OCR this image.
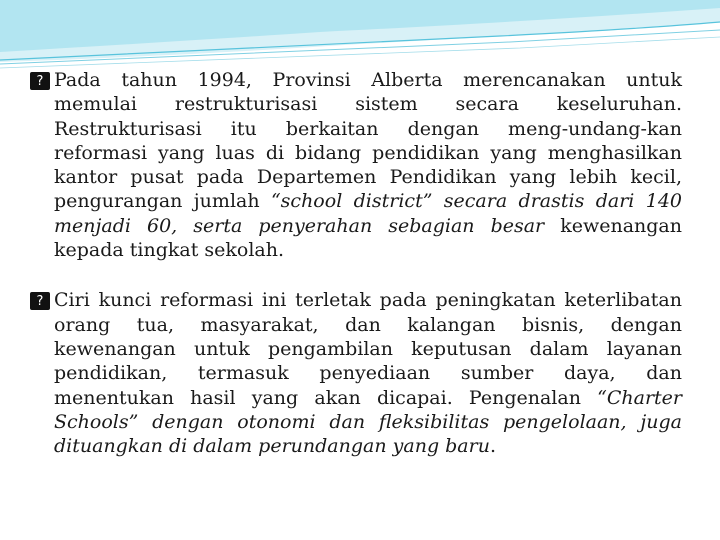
? Pada tahun 1994, Provinsi Alberta merencanakan untuk memulai restrukturisasi sistem secara keseluruhan. Restrukturisasi itu berkaitan dengan meng-undang-kan reformasi yang luas di bidang pendidikan yang menghasilkan kantor pusat pada Departemen Pendidikan yang lebih kecil, pengurangan jumlah “school district” secara drastis dari 140 menjadi 60, serta penyerahan sebagian besar kewenangan kepada tingkat sekolah.

? Ciri kunci reformasi ini terletak pada peningkatan keterlibatan orang tua, masyarakat, dan kalangan bisnis, dengan kewenangan untuk pengambilan keputusan dalam layanan pendidikan, termasuk penyediaan sumber daya, dan menentukan hasil yang akan dicapai. Pengenalan “Charter Schools” dengan otonomi dan fleksibilitas pengelolaan, juga dituangkan di dalam perundangan yang baru.
